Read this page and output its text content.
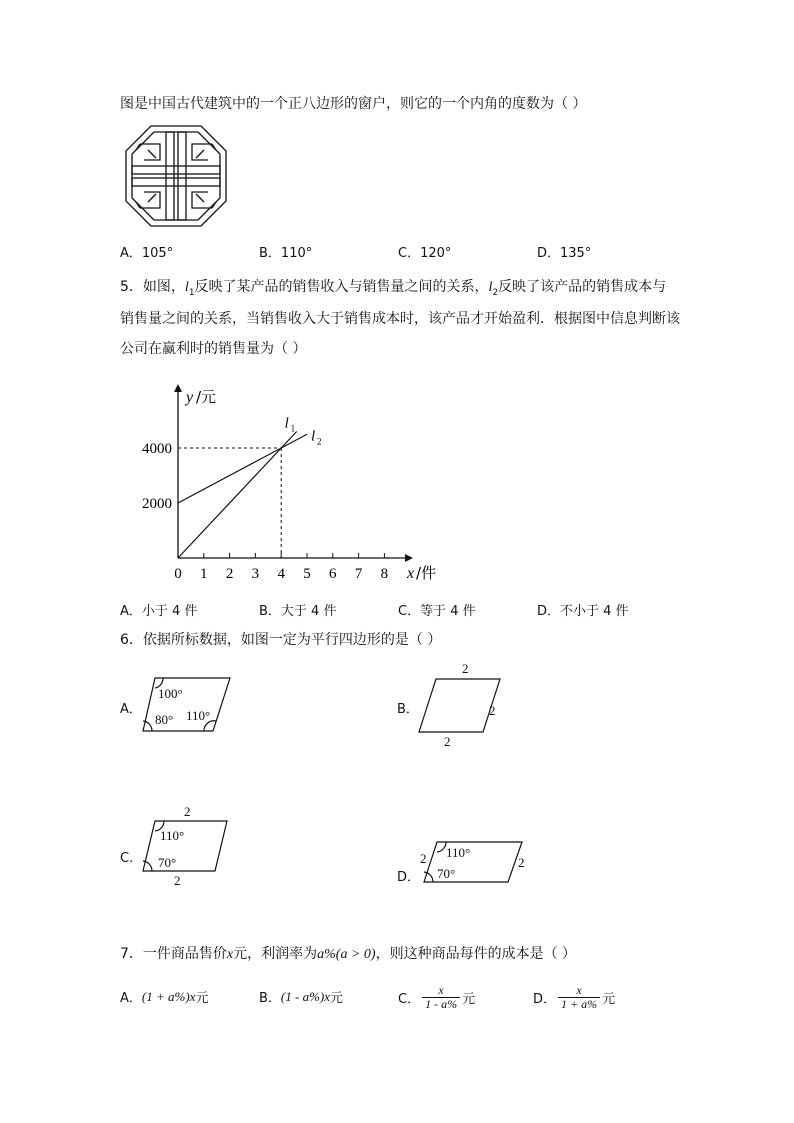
图是中国古代建筑中的一个正八边形的窗户，则它的一个内角的度数为（ ）
A．105°	B．110°	C．120°	D．135°
5．如图，$l_1$反映了某产品的销售收入与销售量之间的关系，$l_2$反映了该产品的销售成本与
销售量之间的关系，当销售收入大于销售成本时，该产品才开始盈利．根据图中信息判断该
公司在赢利时的销售量为（ ）
0 1 2 3 4 5 6 7 8
2000
4000
l 1 l 2
y /元
x /件
A．小于 4 件	B．大于 4 件	C．等于 4 件	D．不小于 4 件
6．依据所标数据，如图一定为平行四边形的是（ ）
A．
100°
80° 110°	B．
2
2
2
C.
2
110°
70°
2	D．
2 110°
70°
2
7．一件商品售价x元，利润率为a%(a > 0)，则这种商品每件的成本是（ ）
A． (1 + a%)x 元	B． (1 - a%)x 元	C． $\frac{x}{1 - a\%}$ 元	D． $\frac{x}{1 + a\%}$ 元
